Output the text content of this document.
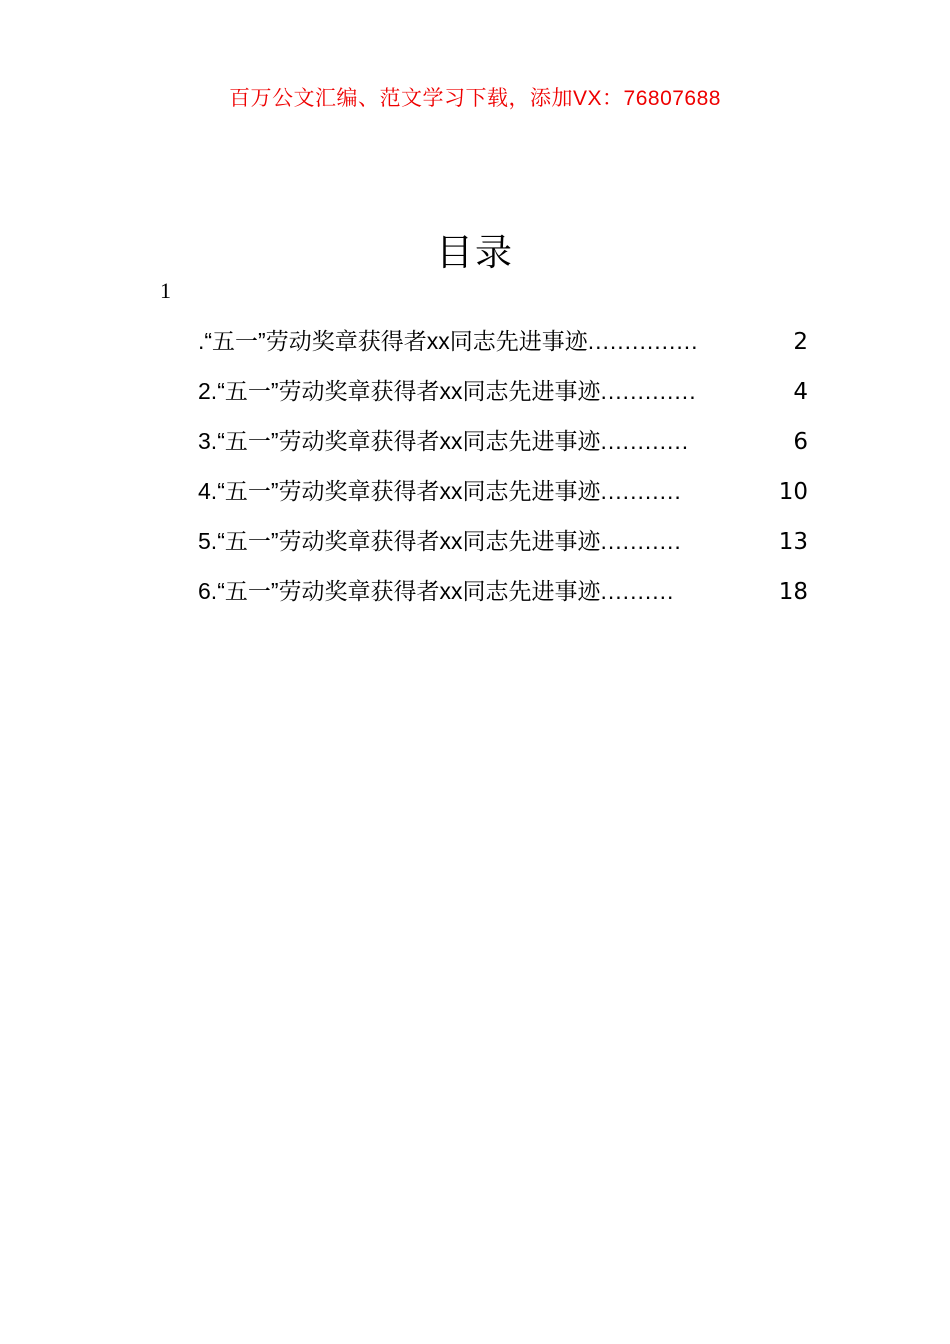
百万公文汇编、范文学习下载，添加VX：76807688
目录
1
. “五一”劳动奖章获得者xx同志先进事迹 ...............	2
2. “五一”劳动奖章获得者xx同志先进事迹 .............	4
3. “五一”劳动奖章获得者xx同志先进事迹 ............	6
4. “五一”劳动奖章获得者xx同志先进事迹 ...........	10
5. “五一”劳动奖章获得者xx同志先进事迹 ...........	13
6. “五一”劳动奖章获得者xx同志先进事迹 ..........	18
